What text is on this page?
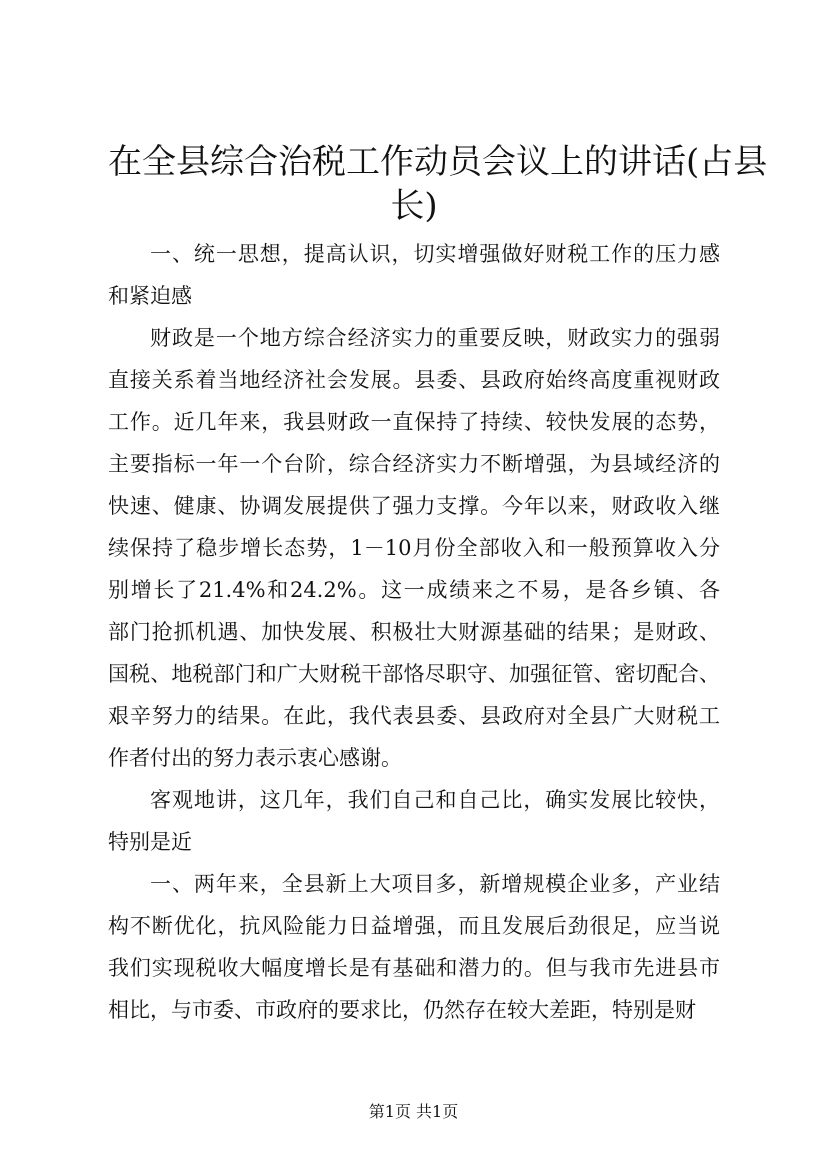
在全县综合治税工作动员会议上的讲话(占县
长)
一、统一思想，提高认识，切实增强做好财税工作的压力感
和紧迫感
财政是一个地方综合经济实力的重要反映，财政实力的强弱
直接关系着当地经济社会发展。县委、县政府始终高度重视财政
工作。近几年来，我县财政一直保持了持续、较快发展的态势，
主要指标一年一个台阶，综合经济实力不断增强，为县域经济的
快速、健康、协调发展提供了强力支撑。今年以来，财政收入继
续保持了稳步增长态势，1－10月份全部收入和一般预算收入分
别增长了21.4%和24.2%。这一成绩来之不易，是各乡镇、各
部门抢抓机遇、加快发展、积极壮大财源基础的结果；是财政、
国税、地税部门和广大财税干部恪尽职守、加强征管、密切配合、
艰辛努力的结果。在此，我代表县委、县政府对全县广大财税工
作者付出的努力表示衷心感谢。
客观地讲，这几年，我们自己和自己比，确实发展比较快，
特别是近
一、两年来，全县新上大项目多，新增规模企业多，产业结
构不断优化，抗风险能力日益增强，而且发展后劲很足，应当说
我们实现税收大幅度增长是有基础和潜力的。但与我市先进县市
相比，与市委、市政府的要求比，仍然存在较大差距，特别是财
第1页 共1页
